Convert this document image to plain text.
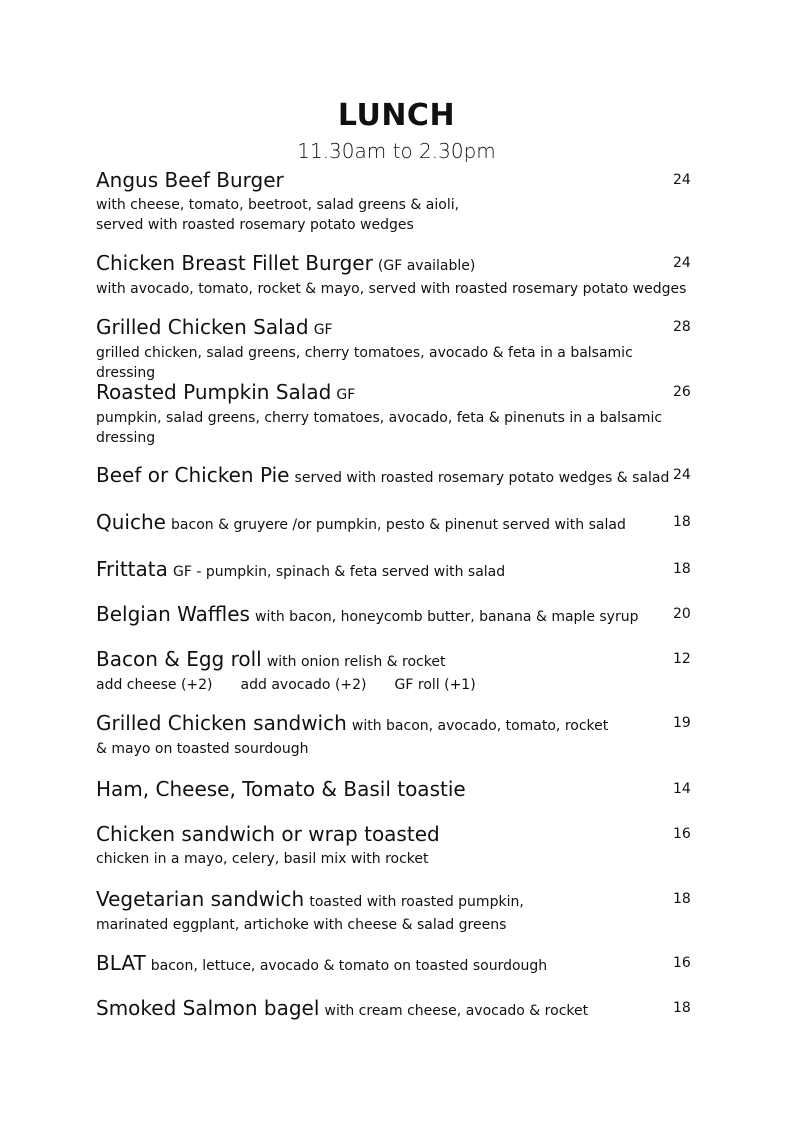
LUNCH
11.30am to 2.30pm
Angus Beef Burger	24
with cheese, tomato, beetroot, salad greens & aioli,
served with roasted rosemary potato wedges
Chicken Breast Fillet Burger (GF available)	24
with avocado, tomato, rocket & mayo, served with roasted rosemary potato wedges
Grilled Chicken Salad GF	28
grilled chicken, salad greens, cherry tomatoes, avocado & feta in a balsamic dressing
Roasted Pumpkin Salad GF	26
pumpkin, salad greens, cherry tomatoes, avocado, feta & pinenuts in a balsamic
dressing
Beef or Chicken Pie served with roasted rosemary potato wedges & salad 24
Quiche bacon & gruyere /or pumpkin, pesto & pinenut served with salad	18
Frittata GF - pumpkin, spinach & feta served with salad	18
Belgian Waffles with bacon, honeycomb butter, banana & maple syrup 20
Bacon & Egg roll with onion relish & rocket	12
add cheese (+2) add avocado (+2) GF roll (+1)
Grilled Chicken sandwich with bacon, avocado, tomato, rocket	19
& mayo on toasted sourdough
Ham, Cheese, Tomato & Basil toastie	14
Chicken sandwich or wrap toasted	16
chicken in a mayo, celery, basil mix with rocket
Vegetarian sandwich toasted with roasted pumpkin,	18
marinated eggplant, artichoke with cheese & salad greens
BLAT bacon, lettuce, avocado & tomato on toasted sourdough	16
Smoked Salmon bagel with cream cheese, avocado & rocket	18
